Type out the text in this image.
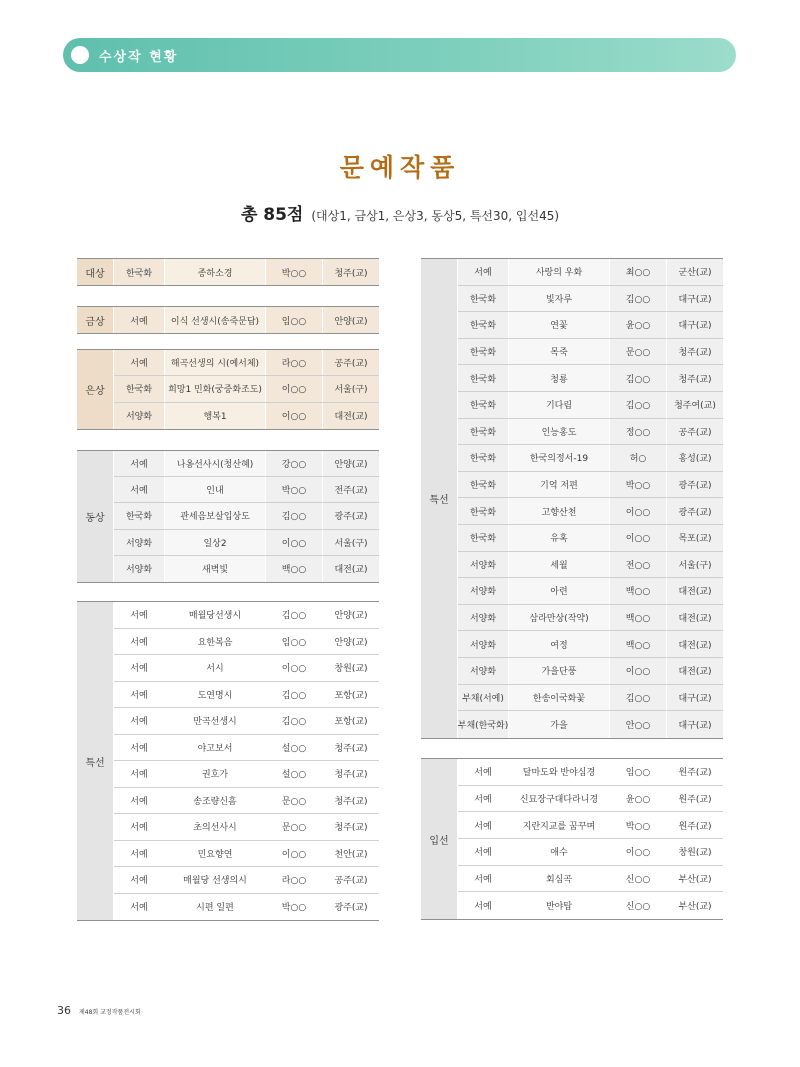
수상작 현황
문예작품
총 85점 (대상1, 금상1, 은상3, 동상5, 특선30, 입선45)
대상	한국화	종하소경	박○○	청주(교)
금상	서예	이식 선생시(송죽문답)	임○○	안양(교)
은상
서예	해곡선생의 시(예서체)	라○○	공주(교)
한국화	희망1 민화(궁중화조도)	이○○	서울(구)
서양화	행복1	이○○	대전(교)
동상
서예	나옹선사시(청산혜)	강○○	안양(교)
서예	인내	박○○	전주(교)
한국화	관세음보살입상도	김○○	광주(교)
서양화	일상2	이○○	서울(구)
서양화	새벽빛	백○○	대전(교)
특선
서예	매월당선생시	김○○	안양(교)
서예	요한복음	임○○	안양(교)
서예	서시	이○○	창원(교)
서예	도연명시	김○○	포항(교)
서예	만곡선생시	김○○	포항(교)
서예	야고보서	설○○	청주(교)
서예	권호가	설○○	청주(교)
서예	송조량신흠	문○○	청주(교)
서예	초의선사시	문○○	청주(교)
서예	민요향연	이○○	천안(교)
서예	매월당 선생의시	라○○	공주(교)
서예	시편 일편	박○○	광주(교)
특선
서예	사랑의 우화	최○○	군산(교)
한국화	빛자루	김○○	대구(교)
한국화	연꽃	윤○○	대구(교)
한국화	목죽	문○○	청주(교)
한국화	청룡	김○○	청주(교)
한국화	기다림	김○○	청주여(교)
한국화	인능홍도	정○○	공주(교)
한국화	한국의정서-19	허○	홍성(교)
한국화	기억 저편	박○○	광주(교)
한국화	고향산천	이○○	광주(교)
한국화	유혹	이○○	목포(교)
서양화	세월	전○○	서울(구)
서양화	아련	백○○	대전(교)
서양화	삼라만상(작약)	백○○	대전(교)
서양화	여정	백○○	대전(교)
서양화	가을단풍	이○○	대전(교)
부채(서예)	한송이국화꽃	김○○	대구(교)
부채(한국화)	가을	안○○	대구(교)
입선
서예	달마도와 반야심경	임○○	원주(교)
서예	신묘장구대다라니경	윤○○	원주(교)
서예	지란지교를 꿈꾸며	박○○	원주(교)
서예	애수	이○○	창원(교)
서예	회심곡	신○○	부산(교)
서예	반야탑	신○○	부산(교)
36 제48회 교정작품전시회
